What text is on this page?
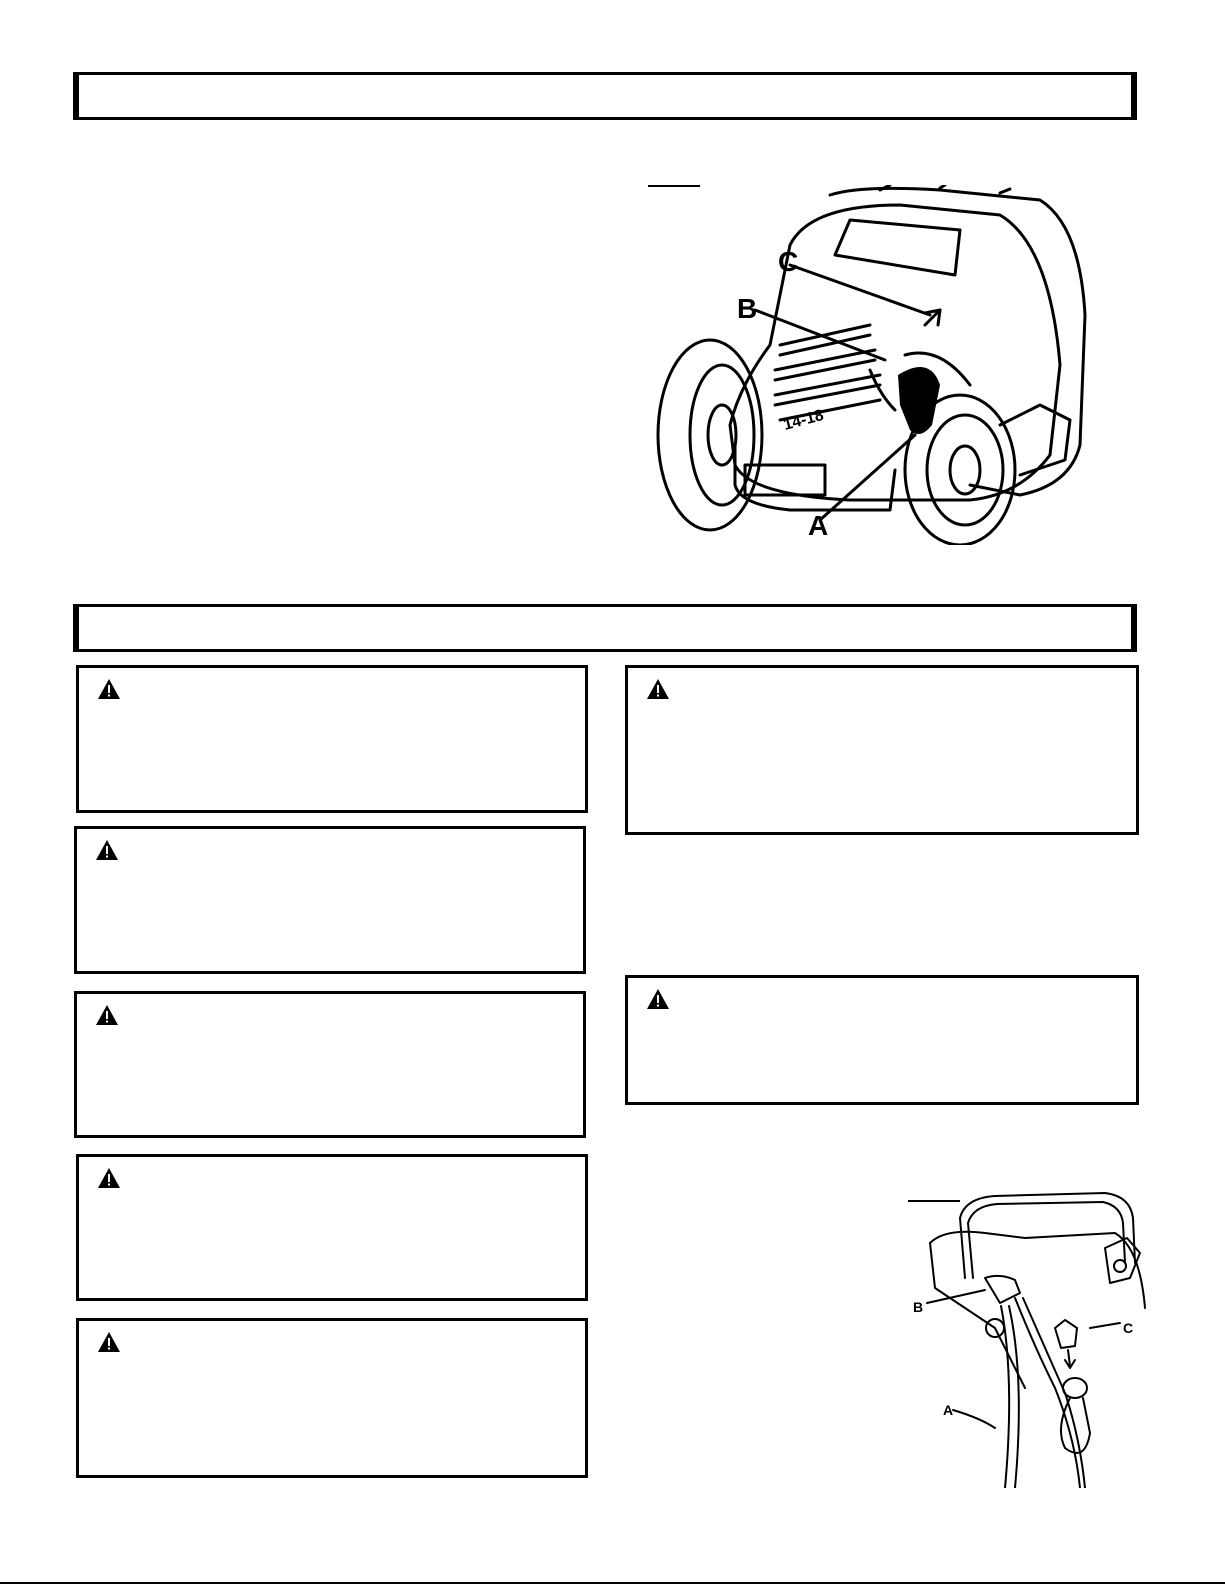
14-18
C
B
A
B
C
A
